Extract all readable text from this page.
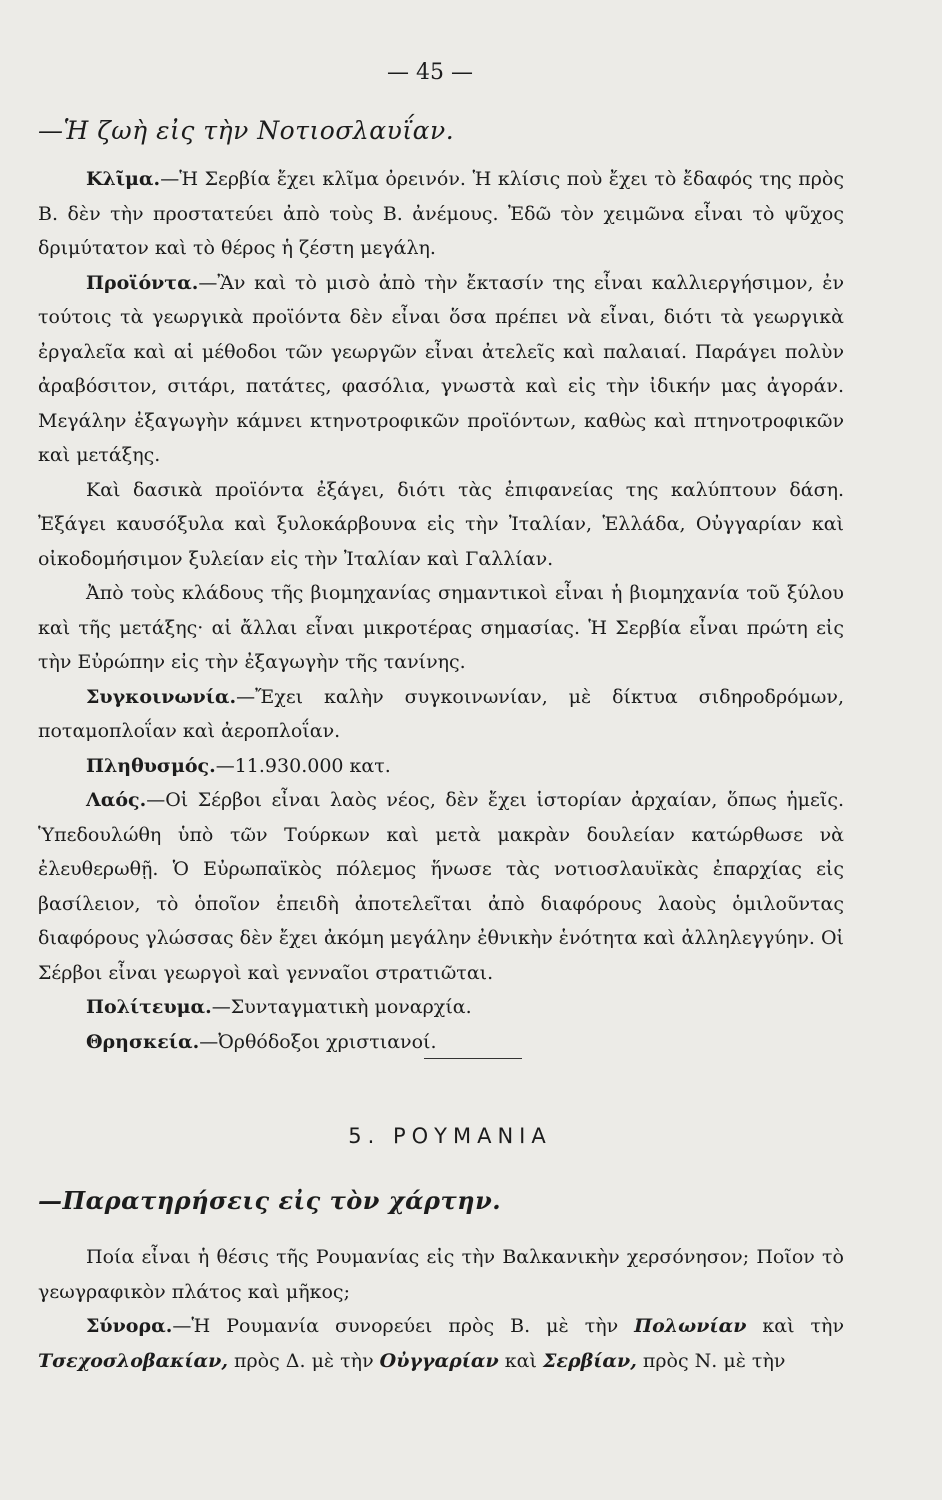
— 45 —
—Ἡ ζωὴ εἰς τὴν Νοτιοσλαυΐαν.

Κλῖμα.—Ἡ Σερβία ἔχει κλῖμα ὀρεινόν. Ἡ κλίσις ποὺ ἔχει τὸ ἔδαφός της πρὸς Β. δὲν τὴν προστατεύει ἀπὸ τοὺς Β. ἀνέμους. Ἐδῶ τὸν χειμῶνα εἶναι τὸ ψῦχος δριμύτατον καὶ τὸ θέρος ἡ ζέστη μεγάλη.

Προϊόντα.—Ἂν καὶ τὸ μισὸ ἀπὸ τὴν ἔκτασίν της εἶναι καλλιεργήσιμον, ἐν τούτοις τὰ γεωργικὰ προϊόντα δὲν εἶναι ὅσα πρέπει νὰ εἶναι, διότι τὰ γεωργικὰ ἐργαλεῖα καὶ αἱ μέθοδοι τῶν γεωργῶν εἶναι ἀτελεῖς καὶ παλαιαί. Παράγει πολὺν ἀραβόσιτον, σιτάρι, πατάτες, φασόλια, γνωστὰ καὶ εἰς τὴν ἰδικήν μας ἀγοράν. Μεγάλην ἐξαγωγὴν κάμνει κτηνοτροφικῶν προϊόντων, καθὼς καὶ πτηνοτροφικῶν καὶ μετάξης.

Καὶ δασικὰ προϊόντα ἐξάγει, διότι τὰς ἐπιφανείας της καλύπτουν δάση. Ἐξάγει καυσόξυλα καὶ ξυλοκάρβουνα εἰς τὴν Ἰταλίαν, Ἑλλάδα, Οὐγγαρίαν καὶ οἰκοδομήσιμον ξυλείαν εἰς τὴν Ἰταλίαν καὶ Γαλλίαν.

Ἀπὸ τοὺς κλάδους τῆς βιομηχανίας σημαντικοὶ εἶναι ἡ βιομηχανία τοῦ ξύλου καὶ τῆς μετάξης· αἱ ἄλλαι εἶναι μικροτέρας σημασίας. Ἡ Σερβία εἶναι πρώτη εἰς τὴν Εὐρώπην εἰς τὴν ἐξαγωγὴν τῆς τανίνης.

Συγκοινωνία.—Ἔχει καλὴν συγκοινωνίαν, μὲ δίκτυα σιδηροδρόμων, ποταμοπλοΐαν καὶ ἀεροπλοΐαν.

Πληθυσμός.—11.930.000 κατ.

Λαός.—Οἱ Σέρβοι εἶναι λαὸς νέος, δὲν ἔχει ἱστορίαν ἀρχαίαν, ὅπως ἡμεῖς. Ὑπεδουλώθη ὑπὸ τῶν Τούρκων καὶ μετὰ μακρὰν δουλείαν κατώρθωσε νὰ ἐλευθερωθῇ. Ὁ Εὐρωπαϊκὸς πόλεμος ἥνωσε τὰς νοτιοσλαυϊκὰς ἐπαρχίας εἰς βασίλειον, τὸ ὁποῖον ἐπειδὴ ἀποτελεῖται ἀπὸ διαφόρους λαοὺς ὁμιλοῦντας διαφόρους γλώσσας δὲν ἔχει ἀκόμη μεγάλην ἐθνικὴν ἑνότητα καὶ ἀλληλεγγύην. Οἱ Σέρβοι εἶναι γεωργοὶ καὶ γενναῖοι στρατιῶται.

Πολίτευμα.—Συνταγματικὴ μοναρχία.

Θρησκεία.—Ὀρθόδοξοι χριστιανοί.

5. ΡΟΥΜΑΝΙΑ
—Παρατηρήσεις εἰς τὸν χάρτην.

Ποία εἶναι ἡ θέσις τῆς Ρουμανίας εἰς τὴν Βαλκανικὴν χερσόνησον; Ποῖον τὸ γεωγραφικὸν πλάτος καὶ μῆκος;

Σύνορα.—Ἡ Ρουμανία συνορεύει πρὸς Β. μὲ τὴν Πολωνίαν καὶ τὴν Τσεχοσλοβακίαν, πρὸς Δ. μὲ τὴν Οὐγγαρίαν καὶ Σερβίαν, πρὸς Ν. μὲ τὴν
